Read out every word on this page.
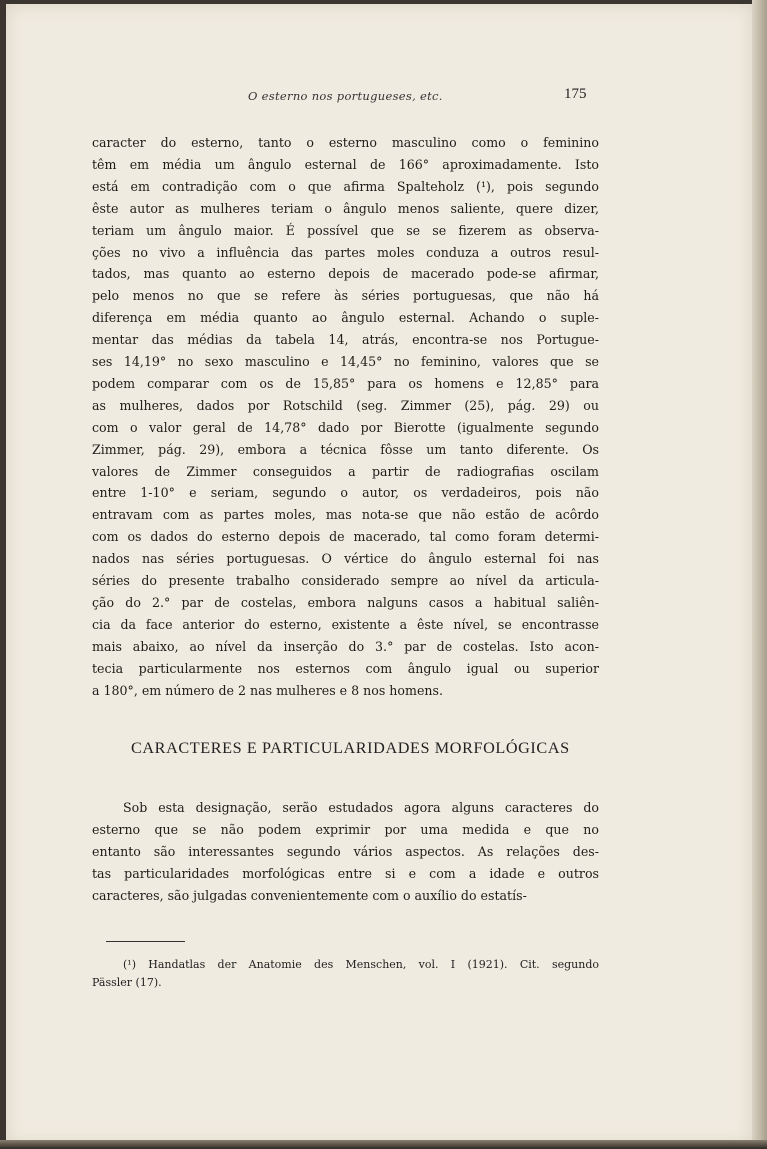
O esterno nos portugueses, etc.	175
caracter do esterno, tanto o esterno masculino como o feminino
têm em média um ângulo esternal de 166° aproximadamente. Isto
está em contradição com o que afirma Spalteholz (¹), pois segundo
êste autor as mulheres teriam o ângulo menos saliente, quere dizer,
teriam um ângulo maior. É possível que se se fizerem as observa-
ções no vivo a influência das partes moles conduza a outros resul-
tados, mas quanto ao esterno depois de macerado pode-se afirmar,
pelo menos no que se refere às séries portuguesas, que não há
diferença em média quanto ao ângulo esternal. Achando o suple-
mentar das médias da tabela 14, atrás, encontra-se nos Portugue-
ses 14,19° no sexo masculino e 14,45° no feminino, valores que se
podem comparar com os de 15,85° para os homens e 12,85° para
as mulheres, dados por Rotschild (seg. Zimmer (25), pág. 29) ou
com o valor geral de 14,78° dado por Bierotte (igualmente segundo
Zimmer, pág. 29), embora a técnica fôsse um tanto diferente. Os
valores de Zimmer conseguidos a partir de radiografias oscilam
entre 1-10° e seriam, segundo o autor, os verdadeiros, pois não
entravam com as partes moles, mas nota-se que não estão de acôrdo
com os dados do esterno depois de macerado, tal como foram determi-
nados nas séries portuguesas. O vértice do ângulo esternal foi nas
séries do presente trabalho considerado sempre ao nível da articula-
ção do 2.° par de costelas, embora nalguns casos a habitual saliên-
cia da face anterior do esterno, existente a êste nível, se encontrasse
mais abaixo, ao nível da inserção do 3.° par de costelas. Isto acon-
tecia particularmente nos esternos com ângulo igual ou superior
a 180°, em número de 2 nas mulheres e 8 nos homens.
CARACTERES E PARTICULARIDADES MORFOLÓGICAS
Sob esta designação, serão estudados agora alguns caracteres do
esterno que se não podem exprimir por uma medida e que no
entanto são interessantes segundo vários aspectos. As relações des-
tas particularidades morfológicas entre si e com a idade e outros
caracteres, são julgadas convenientemente com o auxílio do estatís-
(¹) Handatlas der Anatomie des Menschen, vol. I (1921). Cit. segundo
Pässler (17).
